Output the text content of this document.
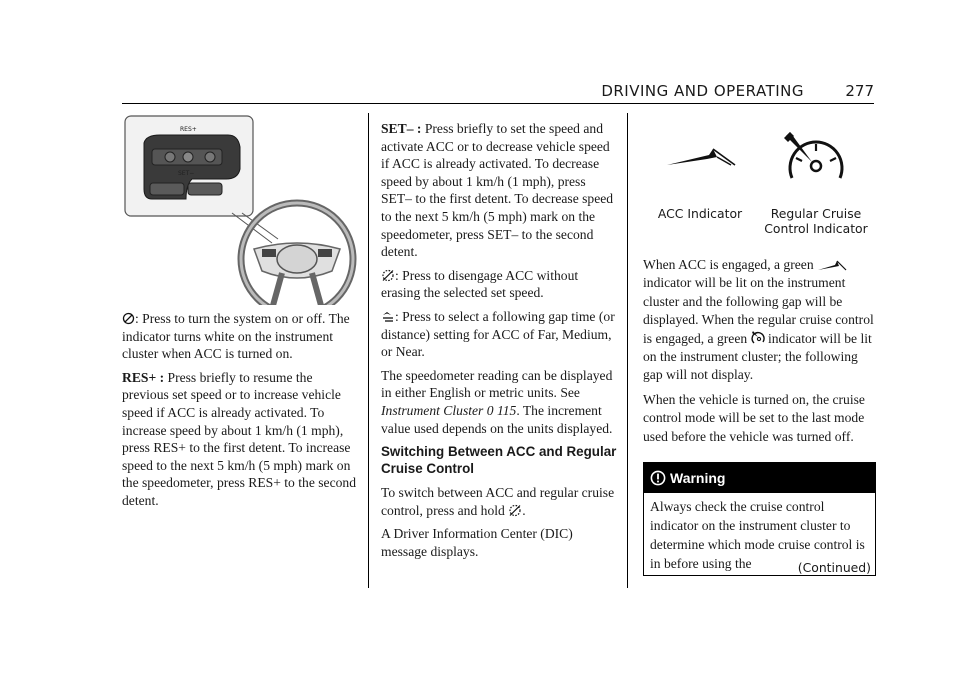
DRIVING AND OPERATING	277
RES+
SET−

: Press to turn the system on or off. The indicator turns white on the instrument cluster when ACC is turned on.

RES+ : Press briefly to resume the previous set speed or to increase vehicle speed if ACC is already activated. To increase speed by about 1 km/h (1 mph), press RES+ to the first detent. To increase speed to the next 5 km/h (5 mph) mark on the speedometer, press RES+ to the second detent.

SET– : Press briefly to set the speed and activate ACC or to decrease vehicle speed if ACC is already activated. To decrease speed by about 1 km/h (1 mph), press SET– to the first detent. To decrease speed to the next 5 km/h (5 mph) mark on the speedometer, press SET– to the second detent.

: Press to disengage ACC without erasing the selected set speed.

: Press to select a following gap time (or distance) setting for ACC of Far, Medium, or Near.

The speedometer reading can be displayed in either English or metric units. See Instrument Cluster 0 115. The increment value used depends on the units displayed.

Switching Between ACC and Regular Cruise Control

To switch between ACC and regular cruise control, press and hold .

A Driver Information Center (DIC) message displays.

ACC Indicator	Regular Cruise
Control Indicator

When ACC is engaged, a green  indicator will be lit on the instrument cluster and the following gap will be displayed. When the regular cruise control is engaged, a green indicator will be lit on the instrument cluster; the following gap will not display.

When the vehicle is turned on, the cruise control mode will be set to the last mode used before the vehicle was turned off.

Warning
Always check the cruise control indicator on the instrument cluster to determine which mode cruise control is in before using the	(Continued)
